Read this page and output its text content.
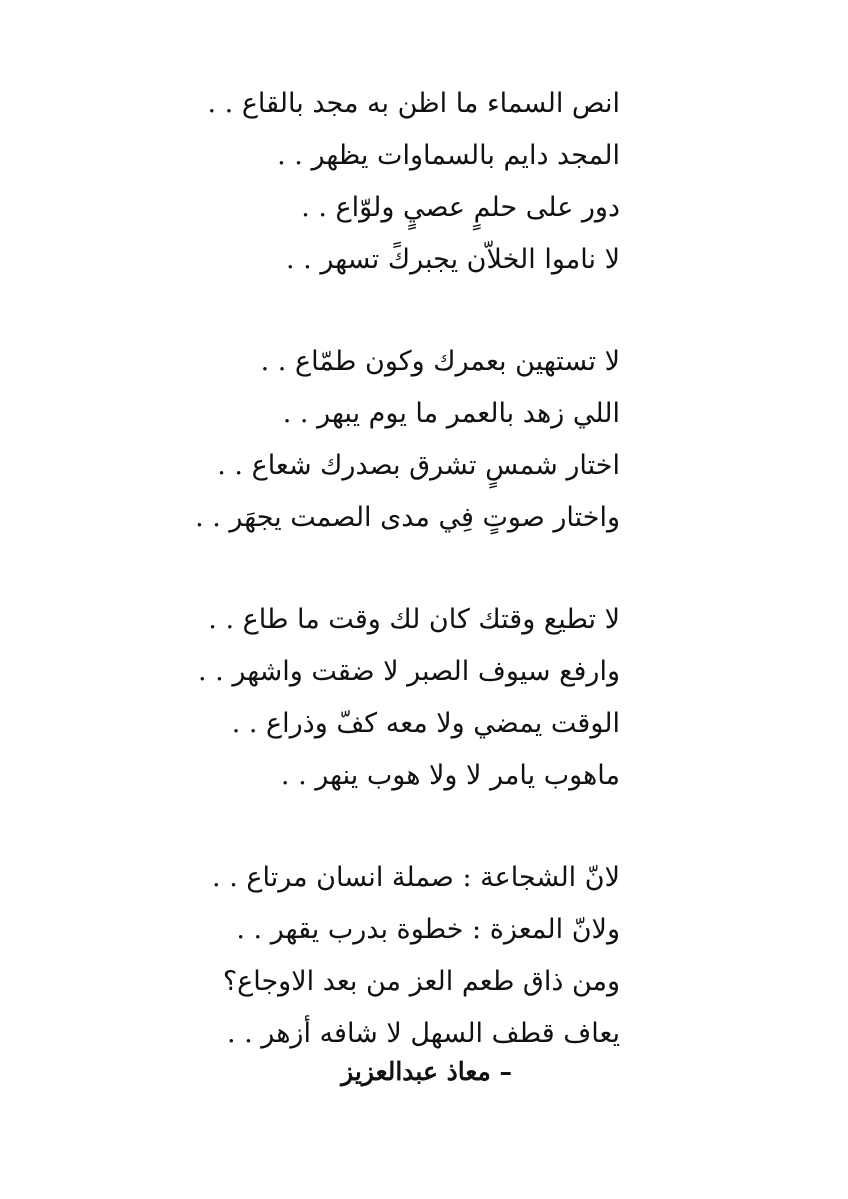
انص السماء ما اظن به مجد بالقاع . .
المجد دايم بالسماوات يظهر . .
دور على حلمٍ عصيٍ ولوّاع . .
لا ناموا الخلاّن يجبركً تسهر . .
لا تستهين بعمرك وكون طمّاع . .
اللي زهد بالعمر ما يوم يبهر . .
اختار شمسٍ تشرق بصدرك شعاع . .
واختار صوتٍ فِي مدى الصمت يجهَر . .
لا تطيع وقتك كان لك وقت ما طاع . .
وارفع سيوف الصبر لا ضقت واشهر . .
الوقت يمضي ولا معه كفّ وذراع . .
ماهوب يامر لا ولا هوب ينهر . .
لانّ الشجاعة : صملة انسان مرتاع . .
ولانّ المعزة : خطوة بدرب يقهر . .
ومن ذاق طعم العز من بعد الاوجاع؟
يعاف قطف السهل لا شافه أزهر . .
– معاذ عبدالعزيز
